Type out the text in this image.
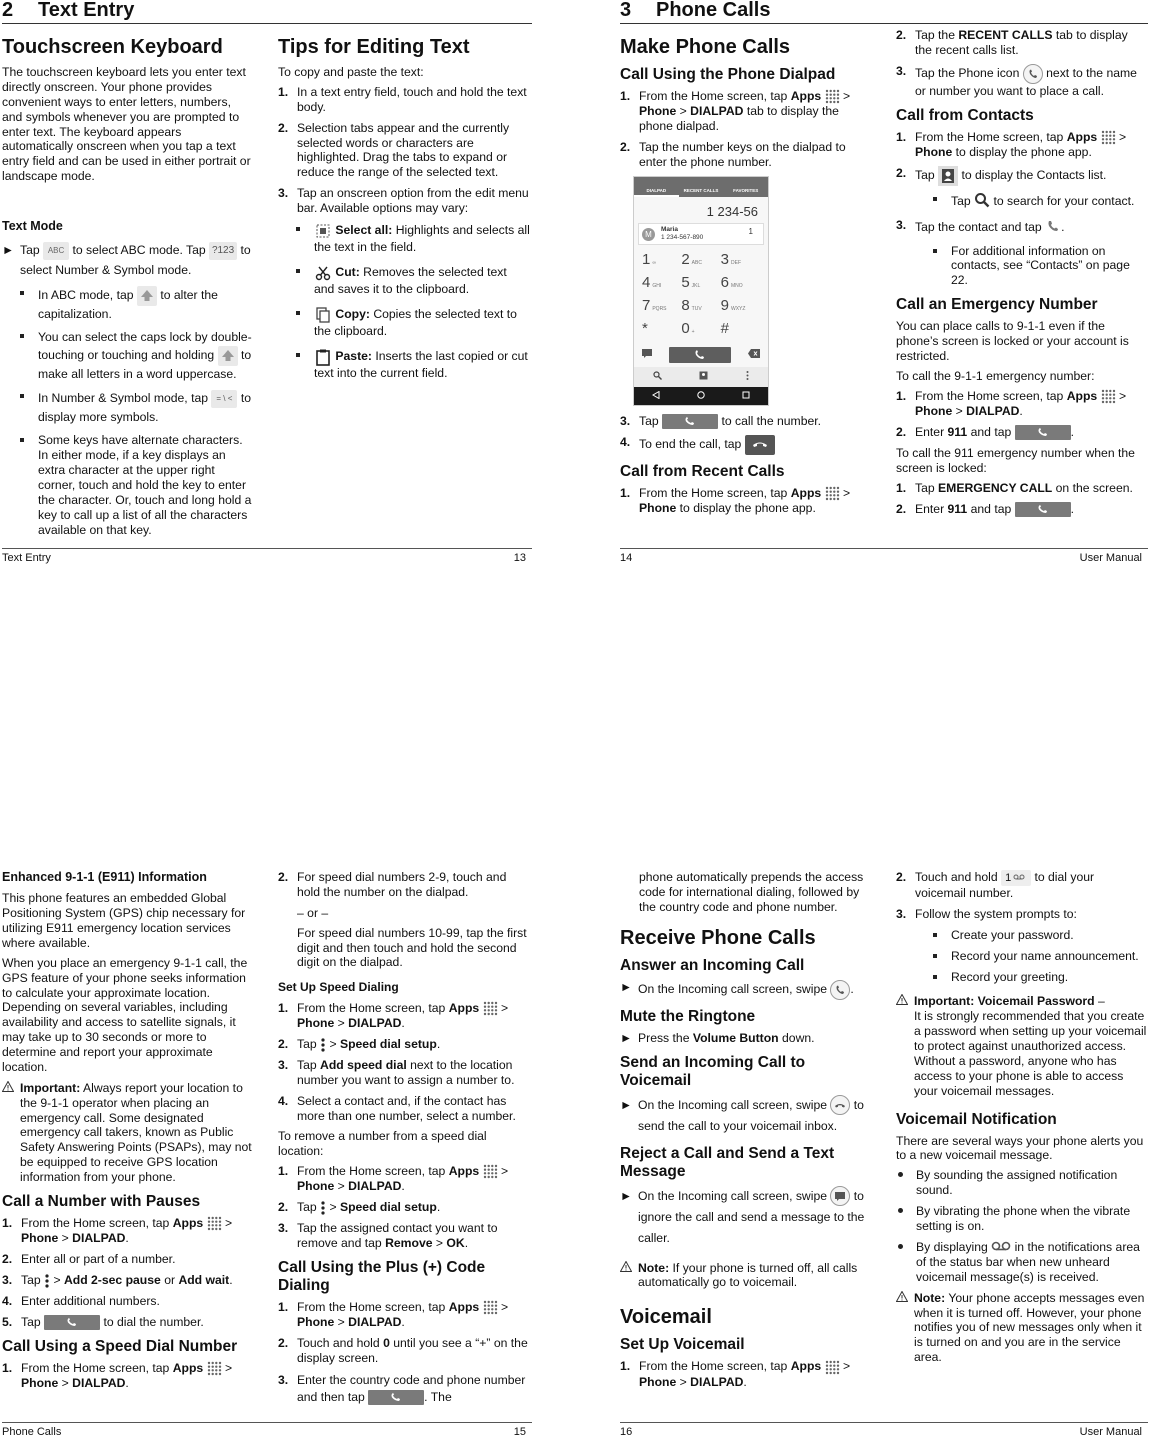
2 Text Entry
Touchscreen Keyboard

The touchscreen keyboard lets you enter text directly onscreen. Your phone provides convenient ways to enter letters, numbers, and symbols whenever you are prompted to enter text. The keyboard appears automatically onscreen when you tap a text entry field and can be used in either portrait or landscape mode.

Text Mode
► Tap ABC to select ABC mode. Tap ?123 to select Number & Symbol mode.
In ABC mode, tap to alter the capitalization.
You can select the caps lock by double-touching or touching and holding to make all letters in a word uppercase.
In Number & Symbol mode, tap = \ < to display more symbols.
Some keys have alternate characters. In either mode, if a key displays an extra character at the upper right corner, touch and hold the key to enter the character. Or, touch and long hold a key to call up a list of all the characters available on that key.
Tips for Editing Text

To copy and paste the text:

1. In a text entry field, touch and hold the text body.
2. Selection tabs appear and the currently selected words or characters are highlighted. Drag the tabs to expand or reduce the range of the selected text.
3. Tap an onscreen option from the edit menu bar. Available options may vary:
Select all: Highlights and selects all the text in the field.
Cut: Removes the selected text and saves it to the clipboard.
Copy: Copies the selected text to the clipboard.
Paste: Inserts the last copied or cut text into the current field.
Text Entry	13
3 Phone Calls
Make Phone Calls
Call Using the Phone Dialpad
1. From the Home screen, tap Apps > Phone > DIALPAD tab to display the phone dialpad.
2. Tap the number keys on the dialpad to enter the phone number.
DIALPAD	RECENT CALLS	FAVORITES
1 234-56
M
Maria
1 234-567-890
1
1 ∞	2 ABC	3 DEF
4 GHI	5 JKL	6 MNO
7 PQRS 8 TUV	9 WXYZ
*	0 +	#
3. Tap	to call the number.
4. To end the call, tap
Call from Recent Calls
1. From the Home screen, tap Apps > Phone to display the phone app.
2. Tap the RECENT CALLS tab to display the recent calls list.
3. Tap the Phone icon next to the name or number you want to place a call.
Call from Contacts
1. From the Home screen, tap Apps > Phone to display the phone app.
2. Tap to display the Contacts list.
Tap to search for your contact.
3. Tap the contact and tap .
For additional information on contacts, see “Contacts” on page 22.
Call an Emergency Number

You can place calls to 9-1-1 even if the phone’s screen is locked or your account is restricted.

To call the 9-1-1 emergency number:

1. From the Home screen, tap Apps > Phone > DIALPAD.
2. Enter 911 and tap	.

To call the 911 emergency number when the screen is locked:

1. Tap EMERGENCY CALL on the screen.
2. Enter 911 and tap	.
14	User Manual
Enhanced 9-1-1 (E911) Information

This phone features an embedded Global Positioning System (GPS) chip necessary for utilizing E911 emergency location services where available.

When you place an emergency 9-1-1 call, the GPS feature of your phone seeks information to calculate your approximate location. Depending on several variables, including availability and access to satellite signals, it may take up to 30 seconds or more to determine and report your approximate location.

Important: Always report your location to the 9-1-1 operator when placing an emergency call. Some designated emergency call takers, known as Public Safety Answering Points (PSAPs), may not be equipped to receive GPS location information from your phone.
Call a Number with Pauses
1. From the Home screen, tap Apps > Phone > DIALPAD.
2. Enter all or part of a number.
3. Tap > Add 2-sec pause or Add wait.
4. Enter additional numbers.
5. Tap	to dial the number.
Call Using a Speed Dial Number
1. From the Home screen, tap Apps > Phone > DIALPAD.
2. For speed dial numbers 2-9, touch and hold the number on the dialpad.

– or –

For speed dial numbers 10-99, tap the first digit and then touch and hold the second digit on the dialpad.

Set Up Speed Dialing
1. From the Home screen, tap Apps > Phone > DIALPAD.
2. Tap > Speed dial setup.
3. Tap Add speed dial next to the location number you want to assign a number to.
4. Select a contact and, if the contact has more than one number, select a number.

To remove a number from a speed dial location:

1. From the Home screen, tap Apps > Phone > DIALPAD.
2. Tap > Speed dial setup.
3. Tap the assigned contact you want to remove and tap Remove > OK.
Call Using the Plus (+) Code Dialing
1. From the Home screen, tap Apps > Phone > DIALPAD.
2. Touch and hold 0 until you see a “+” on the display screen.
3. Enter the country code and phone number and then tap	. The
Phone Calls	15

phone automatically prepends the access code for international dialing, followed by the country code and phone number.

Receive Phone Calls
Answer an Incoming Call
► On the Incoming call screen, swipe .
Mute the Ringtone
► Press the Volume Button down.
Send an Incoming Call to Voicemail
► On the Incoming call screen, swipe to send the call to your voicemail inbox.
Reject a Call and Send a Text Message
► On the Incoming call screen, swipe to ignore the call and send a message to the caller.
Note: If your phone is turned off, all calls automatically go to voicemail.
Voicemail
Set Up Voicemail
1. From the Home screen, tap Apps > Phone > DIALPAD.
2. Touch and hold 1 to dial your voicemail number.
3. Follow the system prompts to:
Create your password.
Record your name announcement.
Record your greeting.
Important: Voicemail Password –
It is strongly recommended that you create a password when setting up your voicemail to protect against unauthorized access. Without a password, anyone who has access to your phone is able to access your voicemail messages.
Voicemail Notification

There are several ways your phone alerts you to a new voicemail message.

By sounding the assigned notification sound.
By vibrating the phone when the vibrate setting is on.
By displaying in the notifications area of the status bar when new unheard voicemail message(s) is received.
Note: Your phone accepts messages even when it is turned off. However, your phone notifies you of new messages only when it is turned on and you are in the service area.
16	User Manual
